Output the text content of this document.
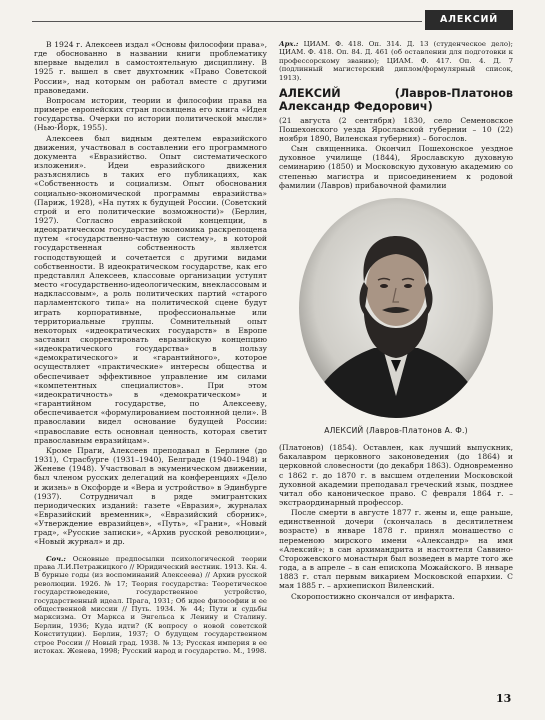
АЛЕКСИЙ

В 1924 г. Алексеев издал «Основы философии права», где обоснованно в названии книги проблематику впервые выделил в самостоятельную дисциплину. В 1925 г. вышел в свет двухтомник «Право Советской России», над которым он работал вместе с другими правоведами.

Вопросам истории, теории и философии права на примере европейских стран посвящена его книга «Идея государства. Очерки по истории политической мысли» (Нью-Йорк, 1955).

Алексеев был видным деятелем евразийского движения, участвовал в составлении его программного документа «Евразийство. Опыт систематического изложения». Идеи евразийского движения разъяснялись в таких его публикациях, как «Собственность и социализм. Опыт обоснования социально-экономической программы евразийства» (Париж, 1928), «На путях к будущей России. (Советский строй и его политические возможности)» (Берлин, 1927). Согласно евразийской концепции, в идеократическом государстве экономика раскрепощена путем «государственно-частную систему», в которой государственная собственность является господствующей и сочетается с другими видами собственности. В идеократическом государстве, как его представлял Алексеев, классовые организации уступят место «государственно-идеологическим, внеклассовым и надклассовым», а роль политических партий «старого парламентского типа» на политической сцене будут играть корпоративные, профессиональные или территориальные группы. Сомнительный опыт некоторых «идеократических государств» в Европе заставил скорректировать евразийскую концепцию «идеократического государства» в пользу «демократического» и «гарантийного», которое осуществляет «практические» интересы общества и обеспечивает эффективное управление им силами «компетентных специалистов». При этом «идеократичность» в «демократическом» и «гарантийном государстве, по Алексееву, обеспечивается «формулированием постоянной цели». В православии видел основание будущей России: «православие есть основная ценность, которая светит православным евразийцам».

Кроме Праги, Алексеев преподавал в Берлине (до 1931), Страсбурге (1931–1940), Белграде (1940–1948) и Женеве (1948). Участвовал в экуменическом движении, был членом русских делегаций на конференциях «Дело и жизнь» в Оксфорде и «Вера и устройство» в Эдинбурге (1937). Сотрудничал в ряде эмигрантских периодических изданий: газете «Евразия», журналах «Евразийский временник», «Евразийский сборник», «Утверждение евразийцев», «Путь», «Грани», «Новый град», «Русские записки», «Архив русской революции», «Новый журнал» и др.

Соч.: Основные предпосылки психологической теории права Л.И.Петражицкого // Юридический вестник. 1913. Кн. 4. В бурные годы (из воспоминаний Алексеева) // Архив русской революции. 1926. № 17; Теория государства: Теоретическое государствоведение, государственное устройство, государственный идеал. Прага, 1931; Об идее философии и ее общественной миссии // Путь. 1934. № 44; Пути и судьбы марксизма. От Маркса и Энгельса к Ленину и Сталину. Берлин, 1936; Куда идти? (К вопросу о новой советской Конституции). Берлин, 1937; О будущем государственном строе России // Новый град. 1938. № 13; Русская империя в ее истоках. Женева, 1998; Русский народ и государство. М., 1998.

Арх.: ЦИАМ. Ф. 418. Оп. 314. Д. 13 (студенческое дело); ЦИАМ. Ф. 418. Оп. 84. Д. 461 (об оставлении для подготовки к профессорскому званию); ЦИАМ. Ф. 417. Оп. 4. Д. 7 (подлинный магистерский диплом/формулярный список, 1913).

АЛЕКСИЙ (Лавров-Платонов Александр Федорович)

(21 августа (2 сентября) 1830, село Семеновское Пошехонского уезда Ярославской губернии – 10 (22) ноября 1890, Виленская губерния) – богослов.

Сын священника. Окончил Пошехонское уездное духовное училище (1844), Ярославскую духовную семинарию (1850) и Московскую духовную академию со степенью магистра и присоединением к родовой фамилии (Лавров) прибавочной фамилии

АЛЕКСИЙ (Лавров-Платонов А. Ф.)

(Платонов) (1854). Оставлен, как лучший выпускник, бакалавром церковного законоведения (до 1864) и церковной словесности (до декабря 1863). Одновременно с 1862 г. до 1870 г. в высшем отделении Московской духовной академии преподавал греческий язык, позднее читал обо каноническое право. С февраля 1864 г. – экстраординарный профессор.

После смерти в августе 1877 г. жены и, еще раньше, единственной дочери (скончалась в десятилетнем возрасте) в январе 1878 г. принял монашество с переменою мирского имени «Александр» на имя «Алексий»; в сан архимандрита и настоятеля Саввино-Сторожевского монастыря был возведен в марте того же года, а в апреле – в сан епископа Можайского. В январе 1883 г. стал первым викарием Московской епархии. С мая 1885 г. – архиепископ Виленский.

Скоропостижно скончался от инфаркта.

13
